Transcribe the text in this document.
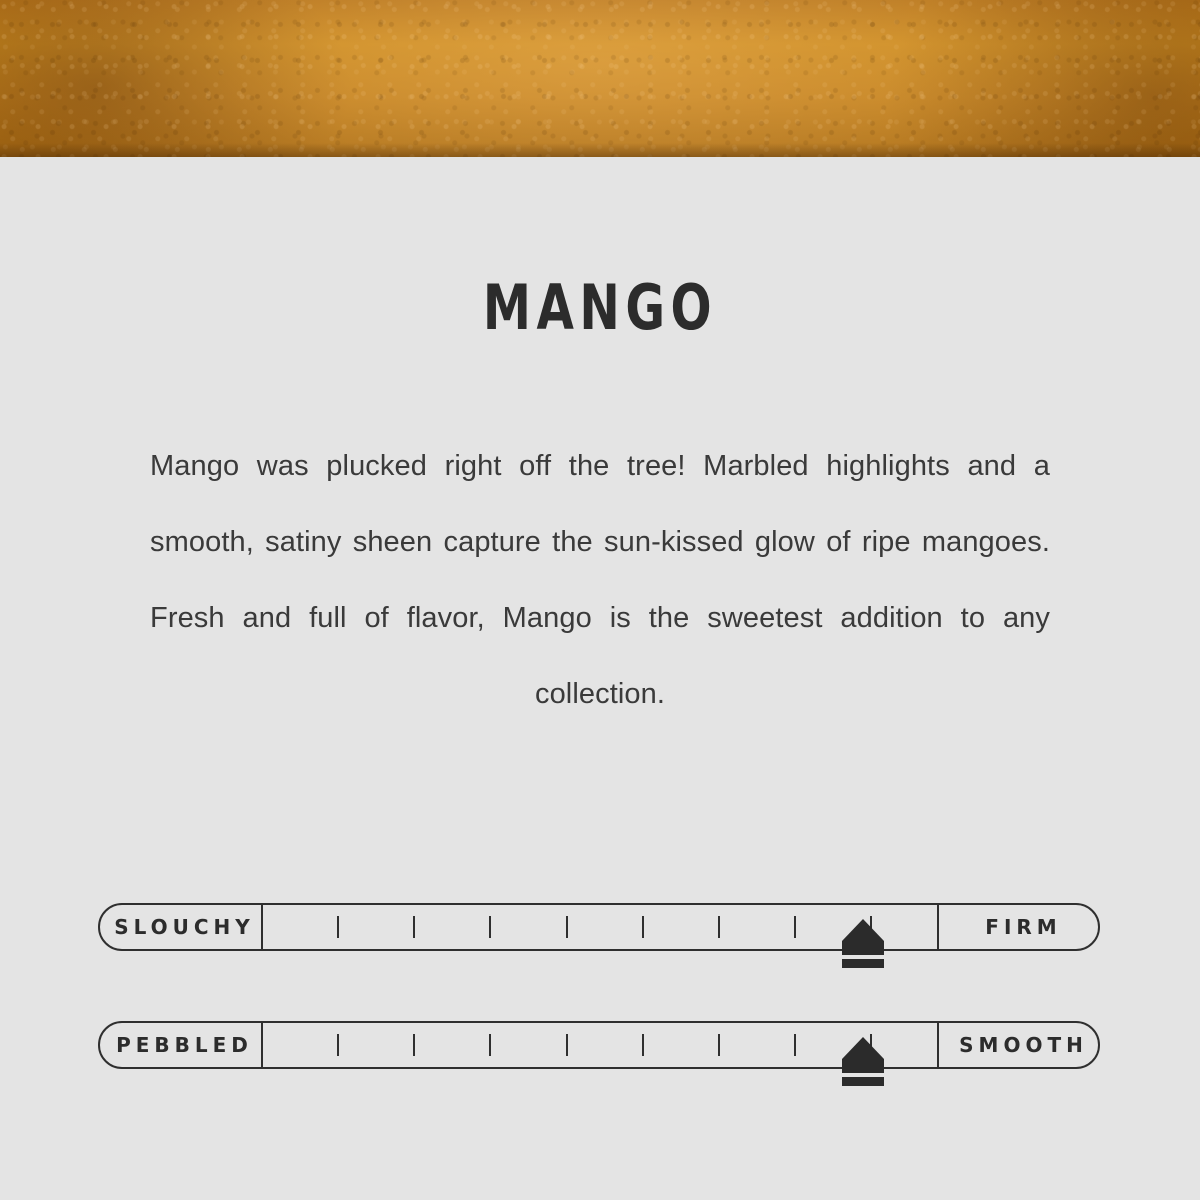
MANGO
Mango was plucked right off the tree! Marbled highlights and a smooth, satiny sheen capture the sun-kissed glow of ripe mangoes. Fresh and full of flavor, Mango is the sweetest addition to any collection.
SLOUCHY	FIRM
PEBBLED	SMOOTH
